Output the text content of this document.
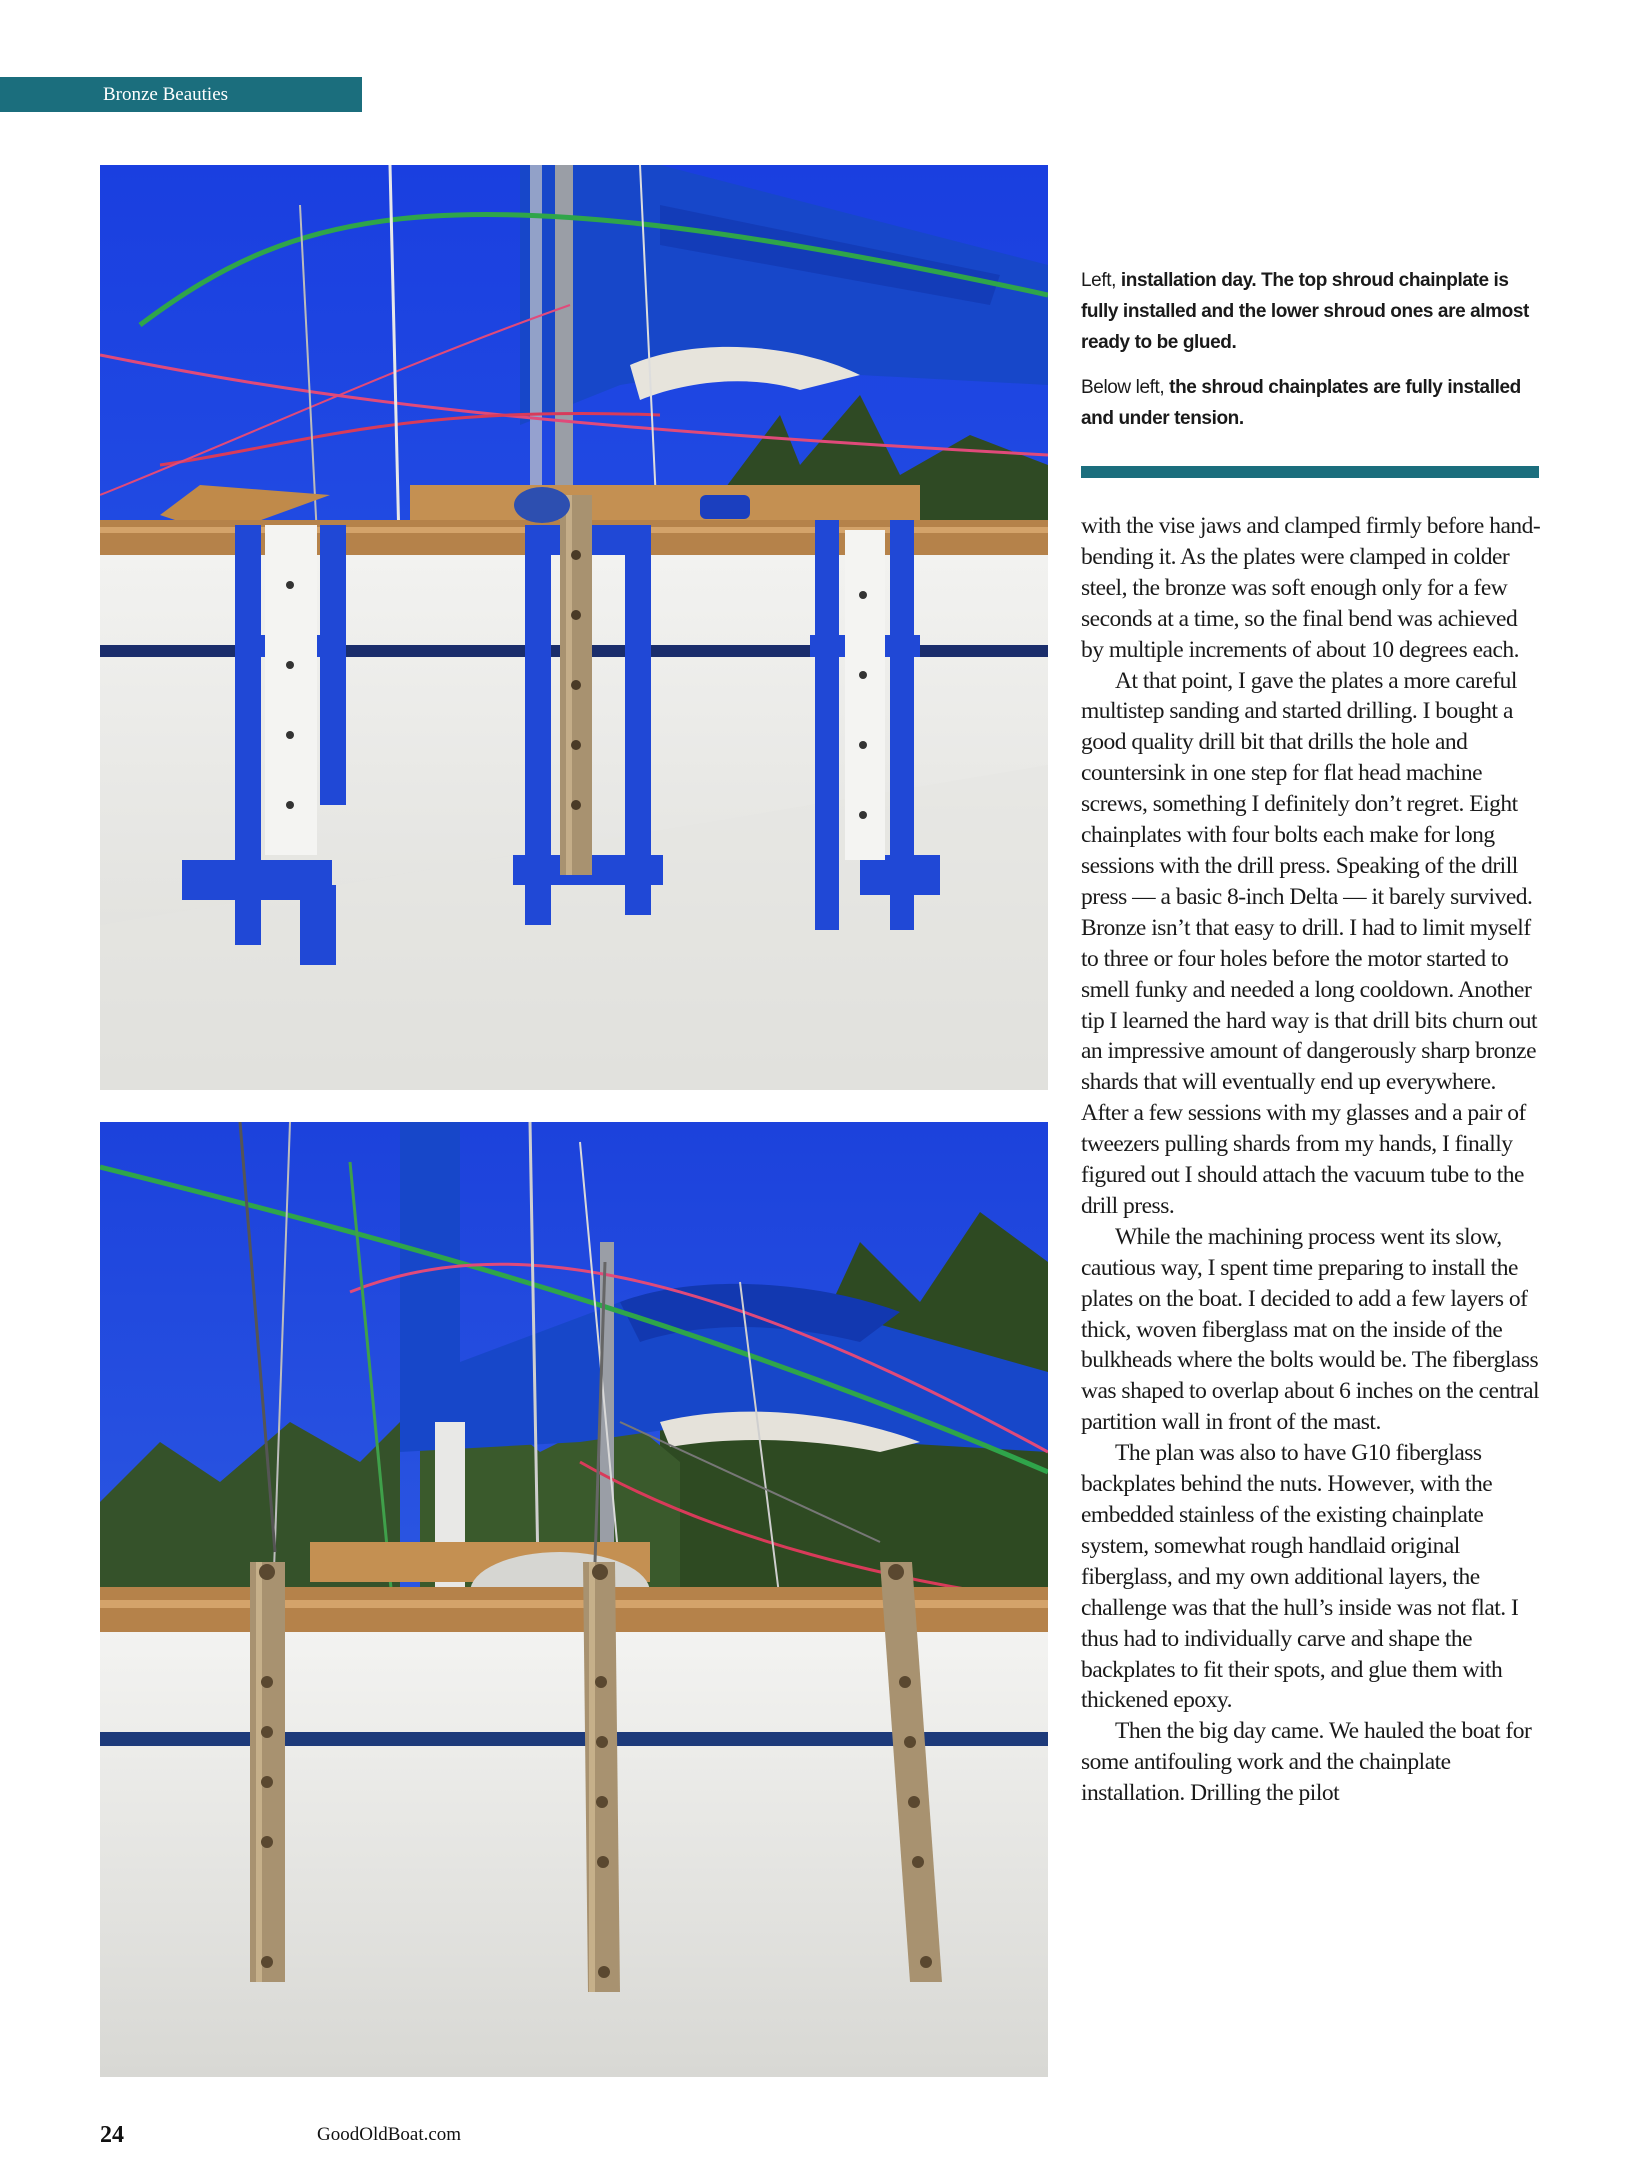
Bronze Beauties

Left, installation day. The top shroud chainplate is fully installed and the lower shroud ones are almost ready to be glued.

Below left, the shroud chainplates are fully installed and under tension.

with the vise jaws and clamped firmly before hand-bending it. As the plates were clamped in colder steel, the bronze was soft enough only for a few seconds at a time, so the final bend was achieved by multiple increments of about 10 degrees each.

At that point, I gave the plates a more careful multistep sanding and started drilling. I bought a good quality drill bit that drills the hole and countersink in one step for flat head machine screws, something I definitely don’t regret. Eight chainplates with four bolts each make for long sessions with the drill press. Speaking of the drill press — a basic 8-inch Delta — it barely survived. Bronze isn’t that easy to drill. I had to limit myself to three or four holes before the motor started to smell funky and needed a long cooldown. Another tip I learned the hard way is that drill bits churn out an impressive amount of dangerously sharp bronze shards that will eventually end up everywhere. After a few sessions with my glasses and a pair of tweezers pulling shards from my hands, I finally figured out I should attach the vacuum tube to the drill press.

While the machining process went its slow, cautious way, I spent time preparing to install the plates on the boat. I decided to add a few layers of thick, woven fiberglass mat on the inside of the bulkheads where the bolts would be. The fiberglass was shaped to overlap about 6 inches on the central partition wall in front of the mast.

The plan was also to have G10 fiberglass backplates behind the nuts. However, with the embedded stainless of the existing chainplate system, somewhat rough handlaid original fiberglass, and my own additional layers, the challenge was that the hull’s inside was not flat. I thus had to individually carve and shape the backplates to fit their spots, and glue them with thickened epoxy.

Then the big day came. We hauled the boat for some antifouling work and the chainplate installation. Drilling the pilot

24	GoodOldBoat.com
